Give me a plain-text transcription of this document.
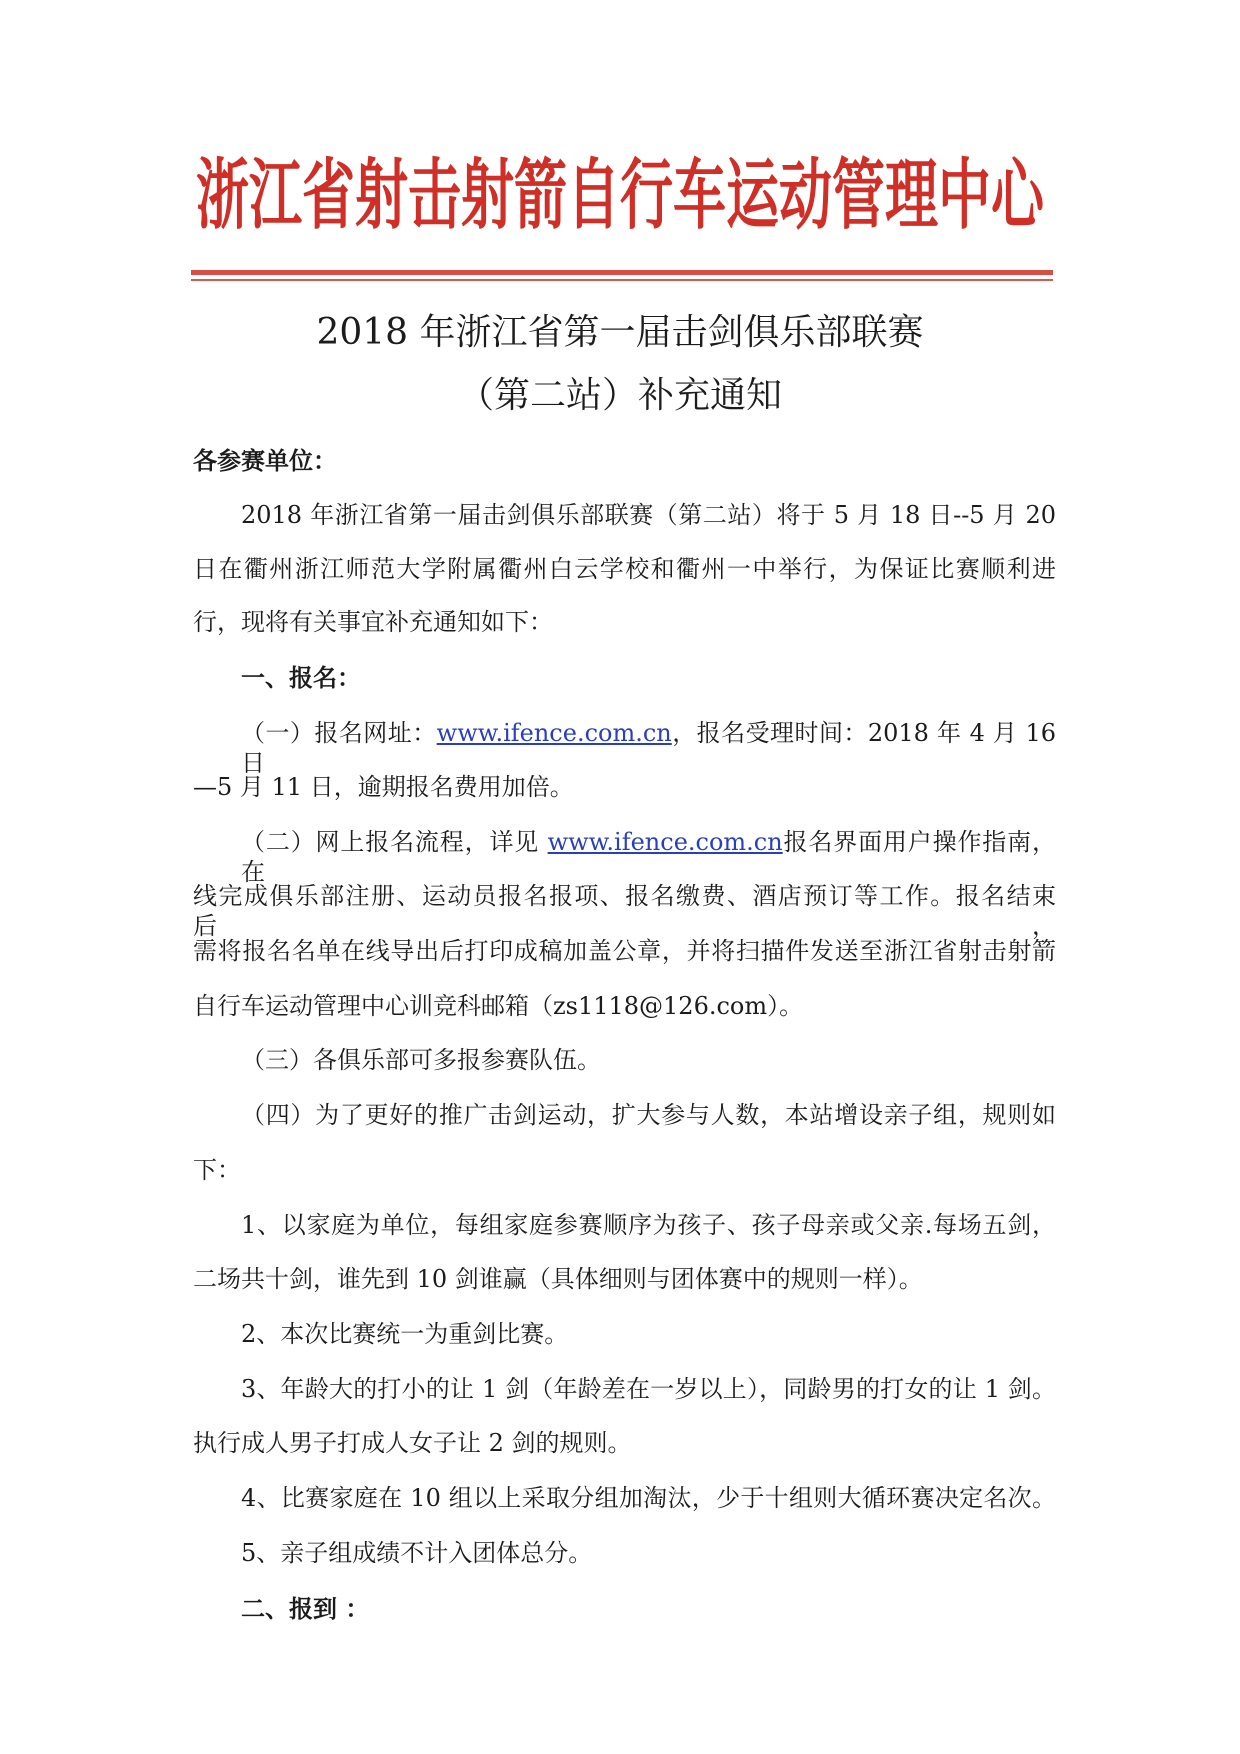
浙江省射击射箭自行车运动管理中心
2018 年浙江省第一届击剑俱乐部联赛
（第二站）补充通知
各参赛单位：
2018 年浙江省第一届击剑俱乐部联赛（第二站）将于 5 月 18 日--5 月 20
日在衢州浙江师范大学附属衢州白云学校和衢州一中举行，为保证比赛顺利进
行，现将有关事宜补充通知如下：
一、报名：
（一）报名网址：www.ifence.com.cn，报名受理时间：2018 年 4 月 16 日
—5 月 11 日，逾期报名费用加倍。
（二）网上报名流程，详见 www.ifence.com.cn报名界面用户操作指南，在
线完成俱乐部注册、运动员报名报项、报名缴费、酒店预订等工作。报名结束后，
需将报名名单在线导出后打印成稿加盖公章，并将扫描件发送至浙江省射击射箭
自行车运动管理中心训竞科邮箱（zs1118@126.com）。
（三）各俱乐部可多报参赛队伍。
（四）为了更好的推广击剑运动，扩大参与人数，本站增设亲子组，规则如
下：
1、以家庭为单位，每组家庭参赛顺序为孩子、孩子母亲或父亲.每场五剑，
二场共十剑，谁先到 10 剑谁赢（具体细则与团体赛中的规则一样）。
2、本次比赛统一为重剑比赛。
3、年龄大的打小的让 1 剑（年龄差在一岁以上），同龄男的打女的让 1 剑。
执行成人男子打成人女子让 2 剑的规则。
4、比赛家庭在 10 组以上采取分组加淘汰，少于十组则大循环赛决定名次。
5、亲子组成绩不计入团体总分。
二、报到 ：
